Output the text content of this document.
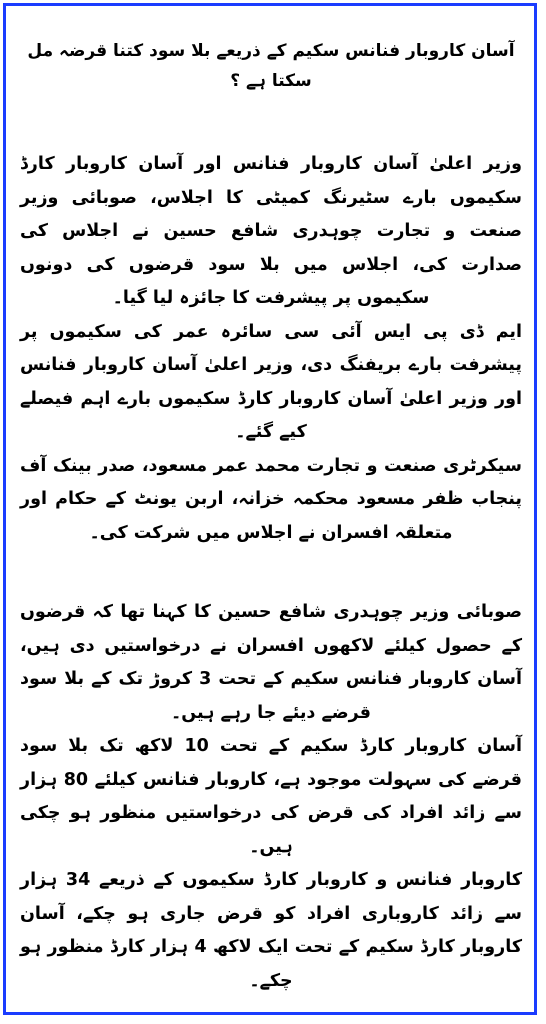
آسان کاروبار فنانس سکیم کے ذریعے بلا سود کتنا قرضہ مل سکتا ہے ؟

وزیر اعلیٰ آسان کاروبار فنانس اور آسان کاروبار کارڈ سکیموں بارے سٹیرنگ کمیٹی کا اجلاس، صوبائی وزیر صنعت و تجارت چوہدری شافع حسین نے اجلاس کی صدارت کی، اجلاس میں بلا سود قرضوں کی دونوں سکیموں پر پیشرفت کا جائزہ لیا گیا۔

ایم ڈی پی ایس آئی سی سائرہ عمر کی سکیموں پر پیشرفت بارے بریفنگ دی، وزیر اعلیٰ آسان کاروبار فنانس اور وزیر اعلیٰ آسان کاروبار کارڈ سکیموں بارے اہم فیصلے کیے گئے۔

سیکرٹری صنعت و تجارت محمد عمر مسعود، صدر بینک آف پنجاب ظفر مسعود محکمہ خزانہ، اربن یونٹ کے حکام اور متعلقہ افسران نے اجلاس میں شرکت کی۔

صوبائی وزیر چوہدری شافع حسین کا کہنا تھا کہ قرضوں کے حصول کیلئے لاکھوں افسران نے درخواستیں دی ہیں، آسان کاروبار فنانس سکیم کے تحت 3 کروڑ تک کے بلا سود قرضے دیئے جا رہے ہیں۔

آسان کاروبار کارڈ سکیم کے تحت 10 لاکھ تک بلا سود قرضے کی سہولت موجود ہے، کاروبار فنانس کیلئے 80 ہزار سے زائد افراد کی قرض کی درخواستیں منظور ہو چکی ہیں۔

کاروبار فنانس و کاروبار کارڈ سکیموں کے ذریعے 34 ہزار سے زائد کاروباری افراد کو قرض جاری ہو چکے، آسان کاروبار کارڈ سکیم کے تحت ایک لاکھ 4 ہزار کارڈ منظور ہو چکے۔
